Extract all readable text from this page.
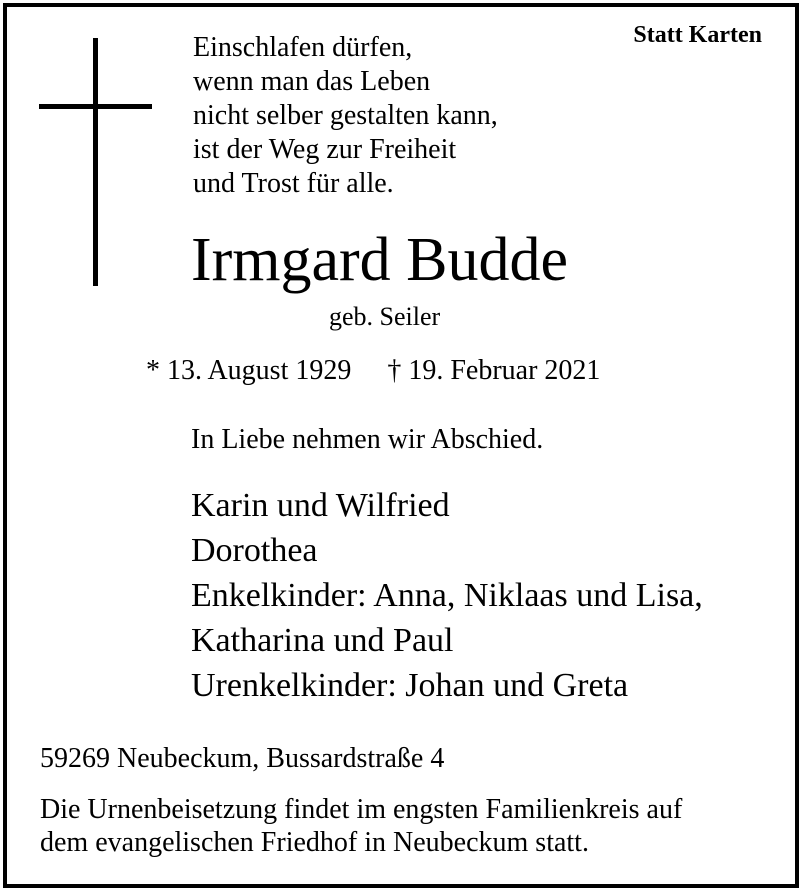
Statt Karten
Einschlafen dürfen,
wenn man das Leben
nicht selber gestalten kann,
ist der Weg zur Freiheit
und Trost für alle.
Irmgard Budde
geb. Seiler
* 13. August 1929 † 19. Februar 2021
In Liebe nehmen wir Abschied.
Karin und Wilfried
Dorothea
Enkelkinder: Anna, Niklaas und Lisa,
Katharina und Paul
Urenkelkinder: Johan und Greta
59269 Neubeckum, Bussardstraße 4
Die Urnenbeisetzung findet im engsten Familienkreis auf
dem evangelischen Friedhof in Neubeckum statt.
